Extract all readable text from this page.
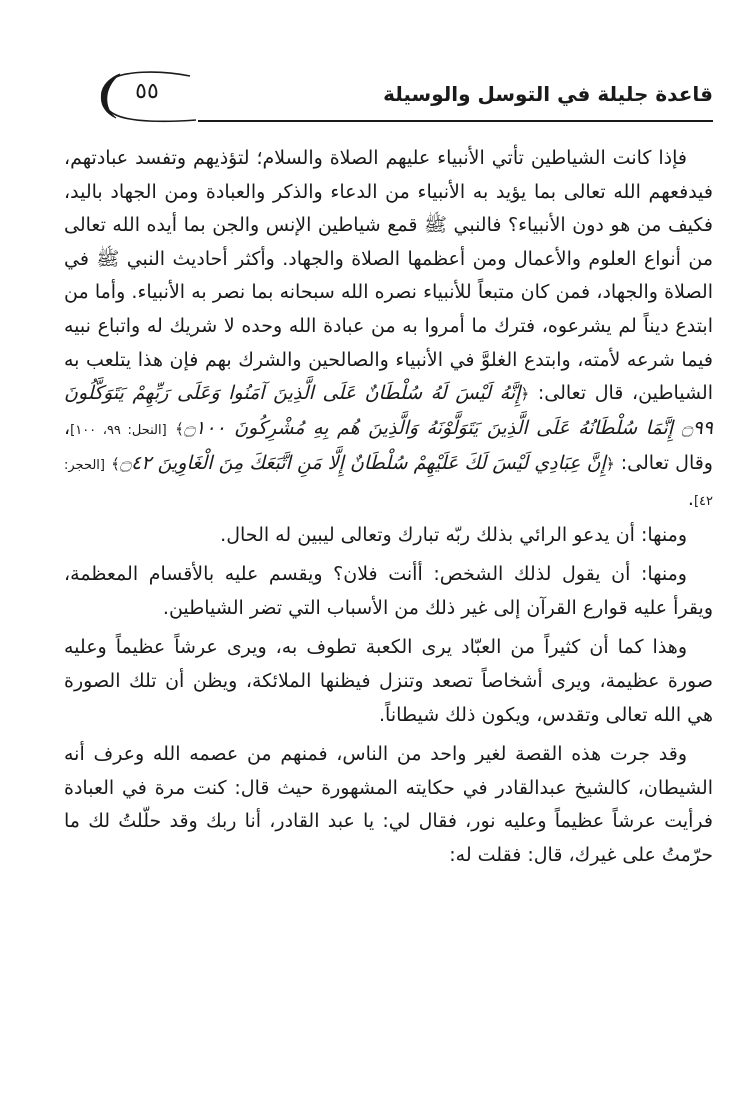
٥٥	قاعدة جليلة في التوسل والوسيلة

فإذا كانت الشياطين تأتي الأنبياء عليهم الصلاة والسلام؛ لتؤذيهم وتفسد عبادتهم، فيدفعهم الله تعالى بما يؤيد به الأنبياء من الدعاء والذكر والعبادة ومن الجهاد باليد، فكيف من هو دون الأنبياء؟ فالنبي ﷺ قمع شياطين الإنس والجن بما أيده الله تعالى من أنواع العلوم والأعمال ومن أعظمها الصلاة والجهاد. وأكثر أحاديث النبي ﷺ في الصلاة والجهاد، فمن كان متبعاً للأنبياء نصره الله سبحانه بما نصر به الأنبياء. وأما من ابتدع ديناً لم يشرعوه، فترك ما أمروا به من عبادة الله وحده لا شريك له واتباع نبيه فيما شرعه لأمته، وابتدع الغلوَّ في الأنبياء والصالحين والشرك بهم فإن هذا يتلعب به الشياطين، قال تعالى: ﴿إِنَّهُ لَيْسَ لَهُ سُلْطَانٌ عَلَى الَّذِينَ آمَنُوا وَعَلَى رَبِّهِمْ يَتَوَكَّلُونَ ۝٩٩ إِنَّمَا سُلْطَانُهُ عَلَى الَّذِينَ يَتَوَلَّوْنَهُ وَالَّذِينَ هُم بِهِ مُشْرِكُونَ ۝١٠٠﴾ [النحل: ٩٩، ١٠٠]، وقال تعالى: ﴿إِنَّ عِبَادِي لَيْسَ لَكَ عَلَيْهِمْ سُلْطَانٌ إِلَّا مَنِ اتَّبَعَكَ مِنَ الْغَاوِينَ ۝٤٢﴾ [الحجر: ٤٢].

ومنها: أن يدعو الرائي بذلك ربّه تبارك وتعالى ليبين له الحال.

ومنها: أن يقول لذلك الشخص: أأنت فلان؟ ويقسم عليه بالأقسام المعظمة، ويقرأ عليه قوارع القرآن إلى غير ذلك من الأسباب التي تضر الشياطين.

وهذا كما أن كثيراً من العبّاد يرى الكعبة تطوف به، ويرى عرشاً عظيماً وعليه صورة عظيمة، ويرى أشخاصاً تصعد وتنزل فيظنها الملائكة، ويظن أن تلك الصورة هي الله تعالى وتقدس، ويكون ذلك شيطاناً.

وقد جرت هذه القصة لغير واحد من الناس، فمنهم من عصمه الله وعرف أنه الشيطان، كالشيخ عبدالقادر في حكايته المشهورة حيث قال: كنت مرة في العبادة فرأيت عرشاً عظيماً وعليه نور، فقال لي: يا عبد القادر، أنا ربك وقد حلّلتُ لك ما حرّمتُ على غيرك، قال: فقلت له:
